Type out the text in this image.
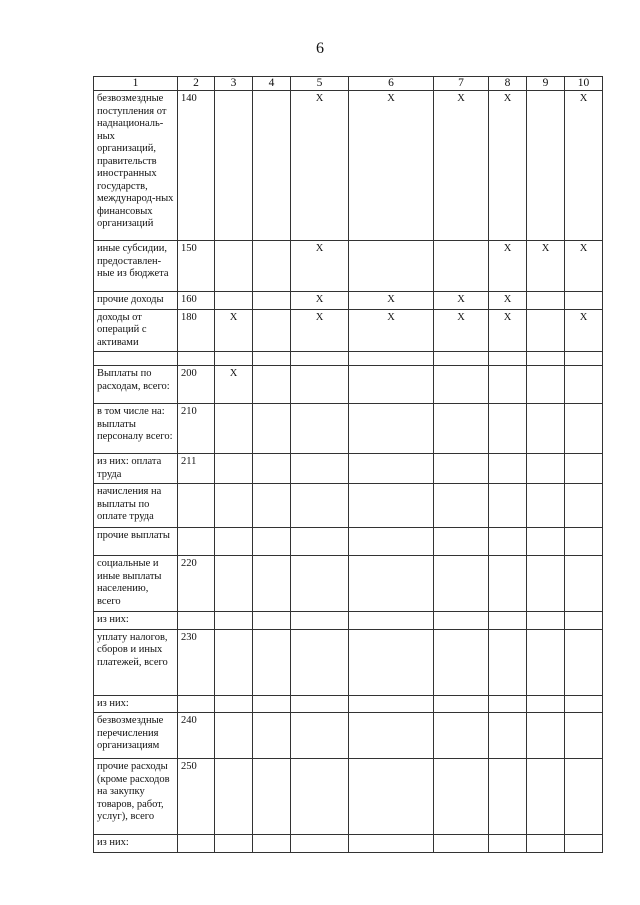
6
1	2	3	4	5	6	7	8	9	10
безвозмездные поступления от наднациональ-ных организаций, правительств иностранных государств, международ-ных финансовых организаций	140			Х	Х	Х	Х		Х
иные субсидии, предоставлен-ные из бюджета	150			Х			Х	Х	Х
прочие доходы	160			Х	Х	Х	Х		
доходы от операций с активами	180	Х		Х	Х	Х	Х		Х

Выплаты по расходам, всего:	200	Х							
в том числе на: выплаты персоналу всего:	210								
из них: оплата труда	211								
начисления на выплаты по оплате труда									
прочие выплаты									
социальные и иные выплаты населению, всего	220								
из них:									
уплату налогов, сборов и иных платежей, всего	230								
из них:									
безвозмездные перечисления организациям	240								
прочие расходы (кроме расходов на закупку товаров, работ, услуг), всего	250								
из них:									
